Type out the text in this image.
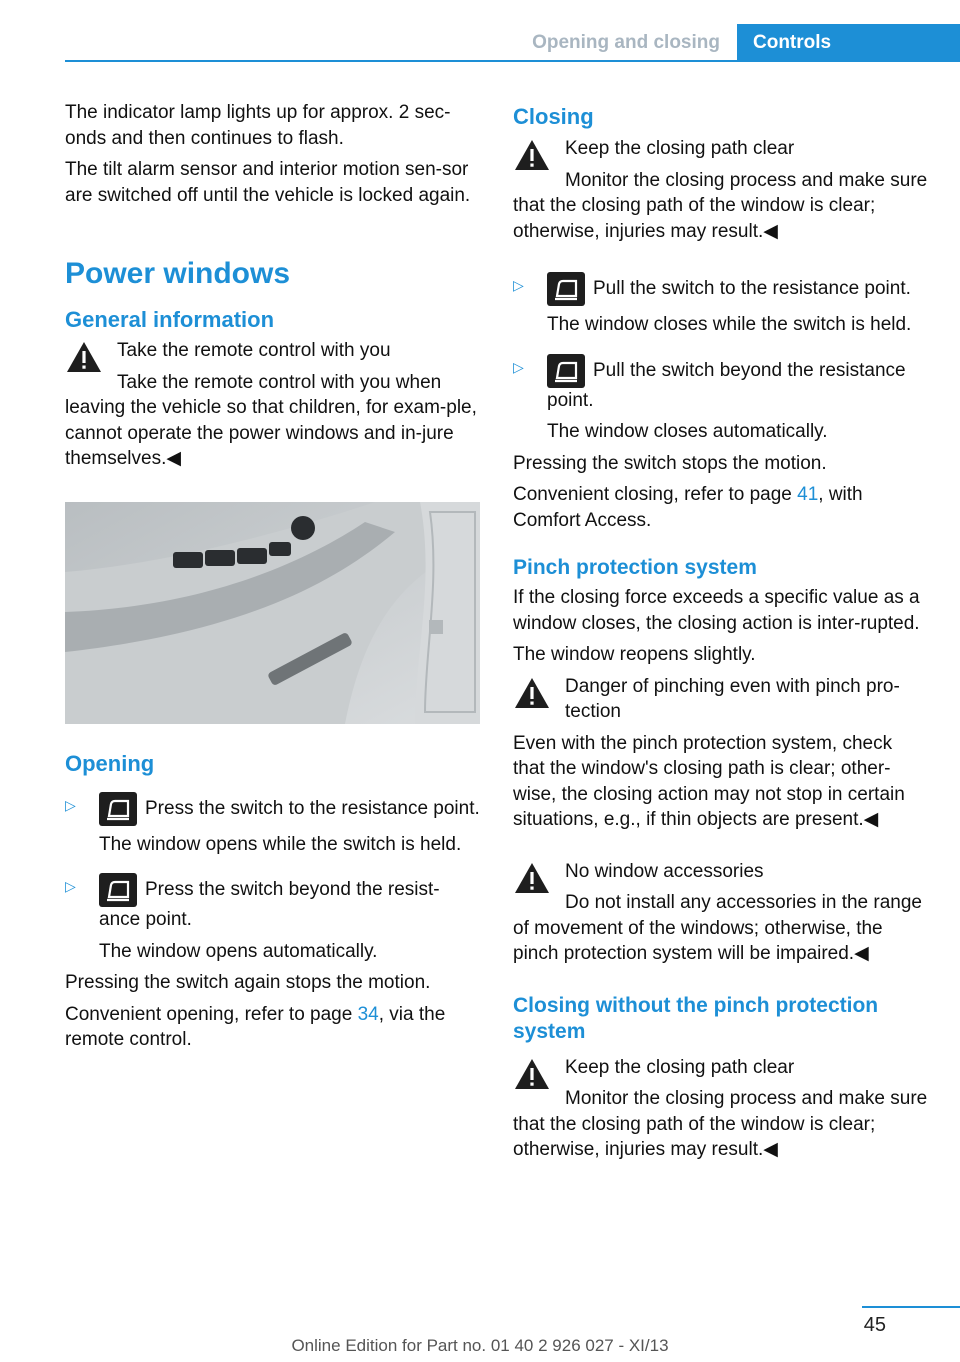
Opening and closing	Controls

The indicator lamp lights up for approx. 2 sec‐onds and then continues to flash.

The tilt alarm sensor and interior motion sen‐sor are switched off until the vehicle is locked again.

Power windows
General information

Take the remote control with you

Take the remote control with you when leaving the vehicle so that children, for exam‐ple, cannot operate the power windows and in‐jure themselves.◀

Opening
▷	Press the switch to the resistance point.

The window opens while the switch is held.

▷	Press the switch beyond the resist‐ance point.

The window opens automatically.

Pressing the switch again stops the motion.

Convenient opening, refer to page 34, via the remote control.

Closing

Keep the closing path clear

Monitor the closing process and make sure that the closing path of the window is clear; otherwise, injuries may result.◀

▷	Pull the switch to the resistance point.

The window closes while the switch is held.

▷	Pull the switch beyond the resistance point.

The window closes automatically.

Pressing the switch stops the motion.

Convenient closing, refer to page 41, with Comfort Access.

Pinch protection system

If the closing force exceeds a specific value as a window closes, the closing action is inter‐rupted.

The window reopens slightly.

Danger of pinching even with pinch pro‐tection

Even with the pinch protection system, check that the window's closing path is clear; other‐wise, the closing action may not stop in certain situations, e.g., if thin objects are present.◀

No window accessories

Do not install any accessories in the range of movement of the windows; otherwise, the pinch protection system will be impaired.◀

Closing without the pinch protection system

Keep the closing path clear

Monitor the closing process and make sure that the closing path of the window is clear; otherwise, injuries may result.◀

45
Online Edition for Part no. 01 40 2 926 027 - XI/13
